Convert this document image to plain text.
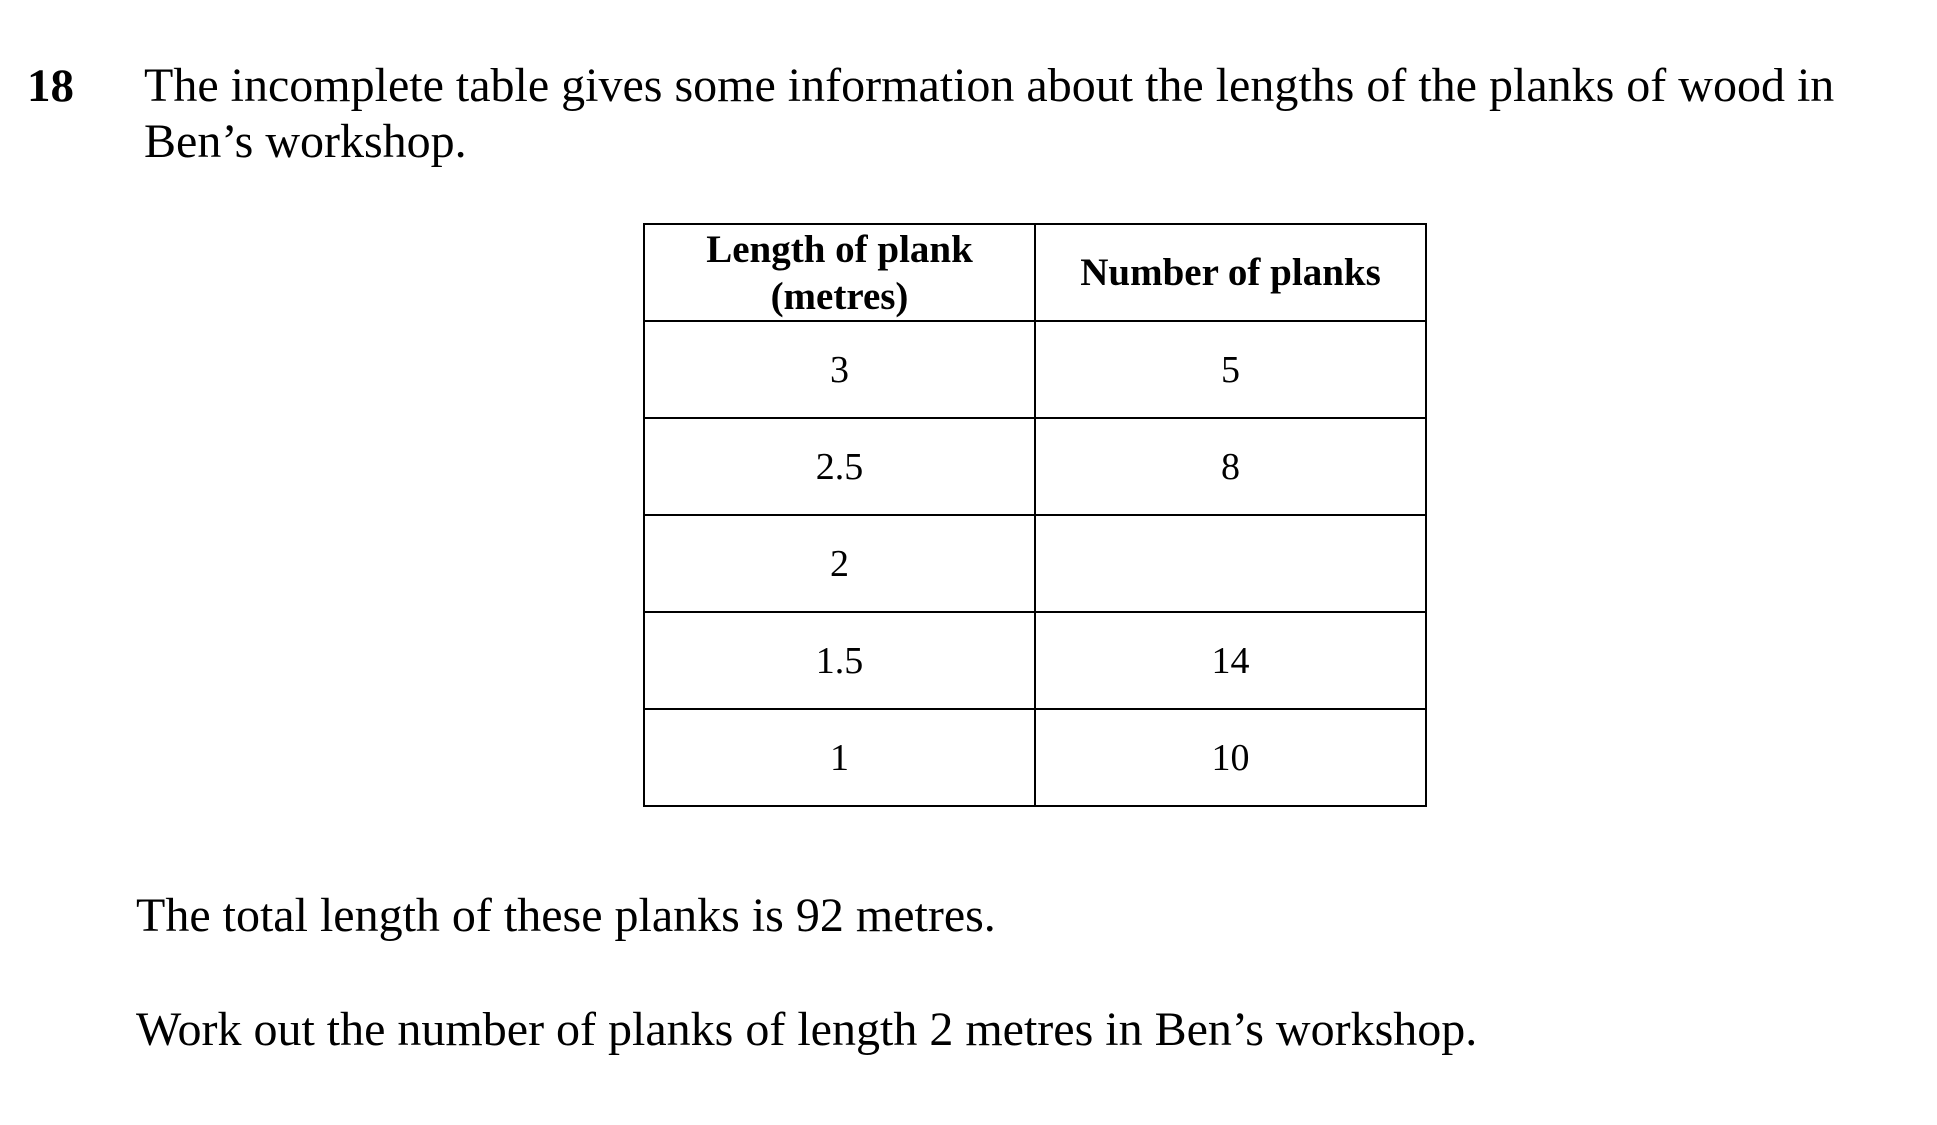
18 The incomplete table gives some information about the lengths of the planks of wood in
Ben’s workshop.
Length of plank
(metres)	Number of planks
3	5
2.5	8
2	
1.5	14
1	10
The total length of these planks is 92 metres.
Work out the number of planks of length 2 metres in Ben’s workshop.
